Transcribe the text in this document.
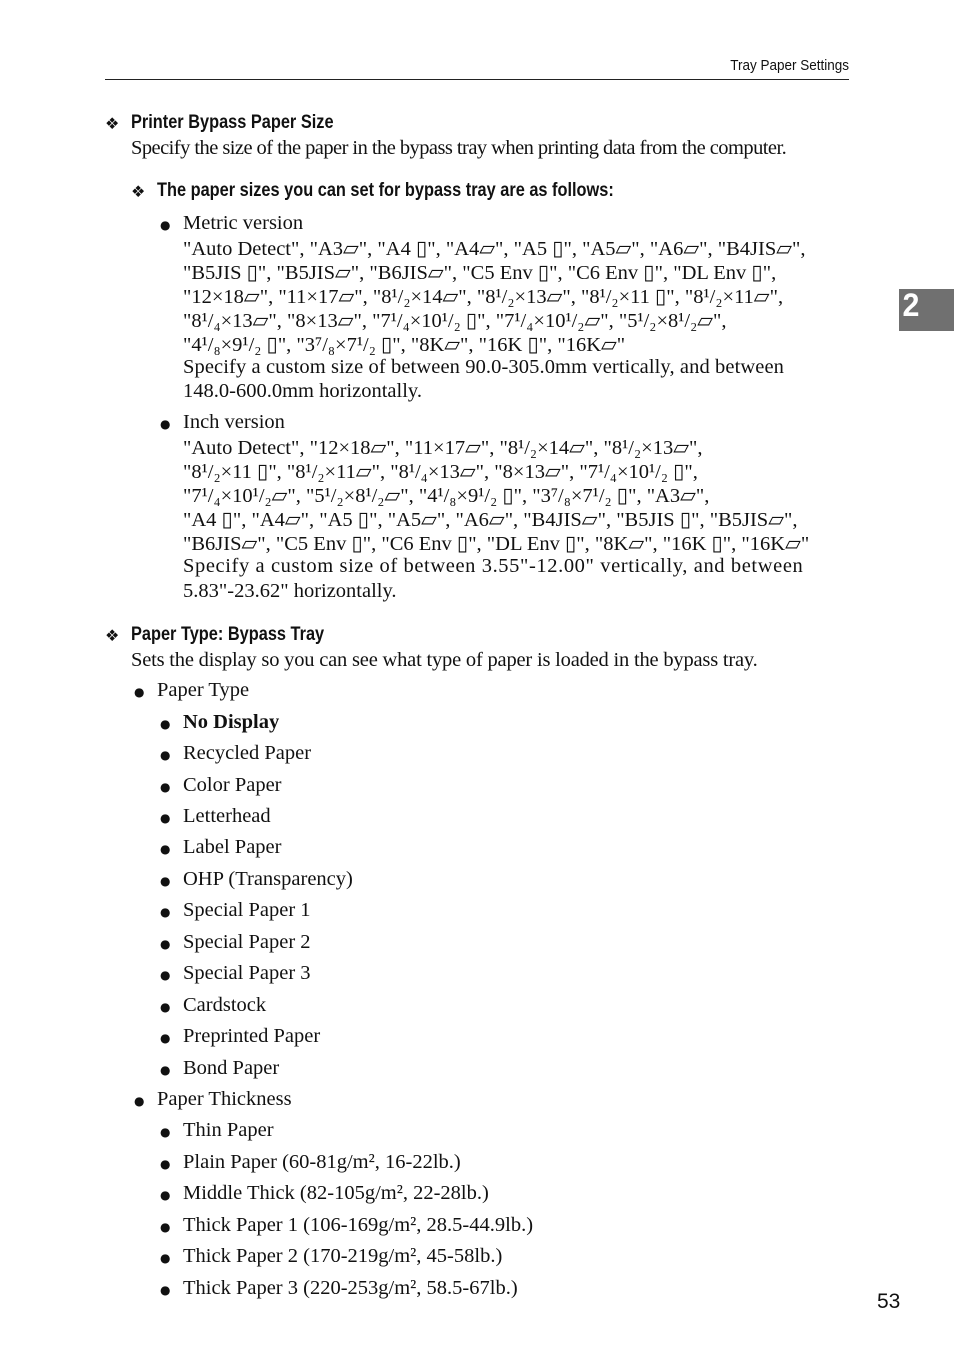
Tray Paper Settings
2
❖ Printer Bypass Paper Size
Specify the size of the paper in the bypass tray when printing data from the computer.
❖ The paper sizes you can set for bypass tray are as follows:
● Metric version
"Auto Detect", "A3▱", "A4 ▯", "A4▱", "A5 ▯", "A5▱", "A6▱", "B4JIS▱",
"B5JIS ▯", "B5JIS▱", "B6JIS▱", "C5 Env ▯", "C6 Env ▯", "DL Env ▯",
"12×18▱", "11×17▱", "8¹/₂×14▱", "8¹/₂×13▱", "8¹/₂×11 ▯", "8¹/₂×11▱",
"8¹/₄×13▱", "8×13▱", "7¹/₄×10¹/₂ ▯", "7¹/₄×10¹/₂▱", "5¹/₂×8¹/₂▱",
"4¹/₈×9¹/₂ ▯", "3⁷/₈×7¹/₂ ▯", "8K▱", "16K ▯", "16K▱"
Specify a custom size of between 90.0-305.0mm vertically, and between
148.0-600.0mm horizontally.
● Inch version
"Auto Detect", "12×18▱", "11×17▱", "8¹/₂×14▱", "8¹/₂×13▱",
"8¹/₂×11 ▯", "8¹/₂×11▱", "8¹/₄×13▱", "8×13▱", "7¹/₄×10¹/₂ ▯",
"7¹/₄×10¹/₂▱", "5¹/₂×8¹/₂▱", "4¹/₈×9¹/₂ ▯", "3⁷/₈×7¹/₂ ▯", "A3▱",
"A4 ▯", "A4▱", "A5 ▯", "A5▱", "A6▱", "B4JIS▱", "B5JIS ▯", "B5JIS▱",
"B6JIS▱", "C5 Env ▯", "C6 Env ▯", "DL Env ▯", "8K▱", "16K ▯", "16K▱"
Specify a custom size of between 3.55"-12.00" vertically, and between
5.83"-23.62" horizontally.
❖ Paper Type: Bypass Tray
Sets the display so you can see what type of paper is loaded in the bypass tray.
● Paper Type
● No Display
● Recycled Paper
● Color Paper
● Letterhead
● Label Paper
● OHP (Transparency)
● Special Paper 1
● Special Paper 2
● Special Paper 3
● Cardstock
● Preprinted Paper
● Bond Paper
● Paper Thickness
● Thin Paper
● Plain Paper (60-81g/m², 16-22lb.)
● Middle Thick (82-105g/m², 22-28lb.)
● Thick Paper 1 (106-169g/m², 28.5-44.9lb.)
● Thick Paper 2 (170-219g/m², 45-58lb.)
● Thick Paper 3 (220-253g/m², 58.5-67lb.)
53
